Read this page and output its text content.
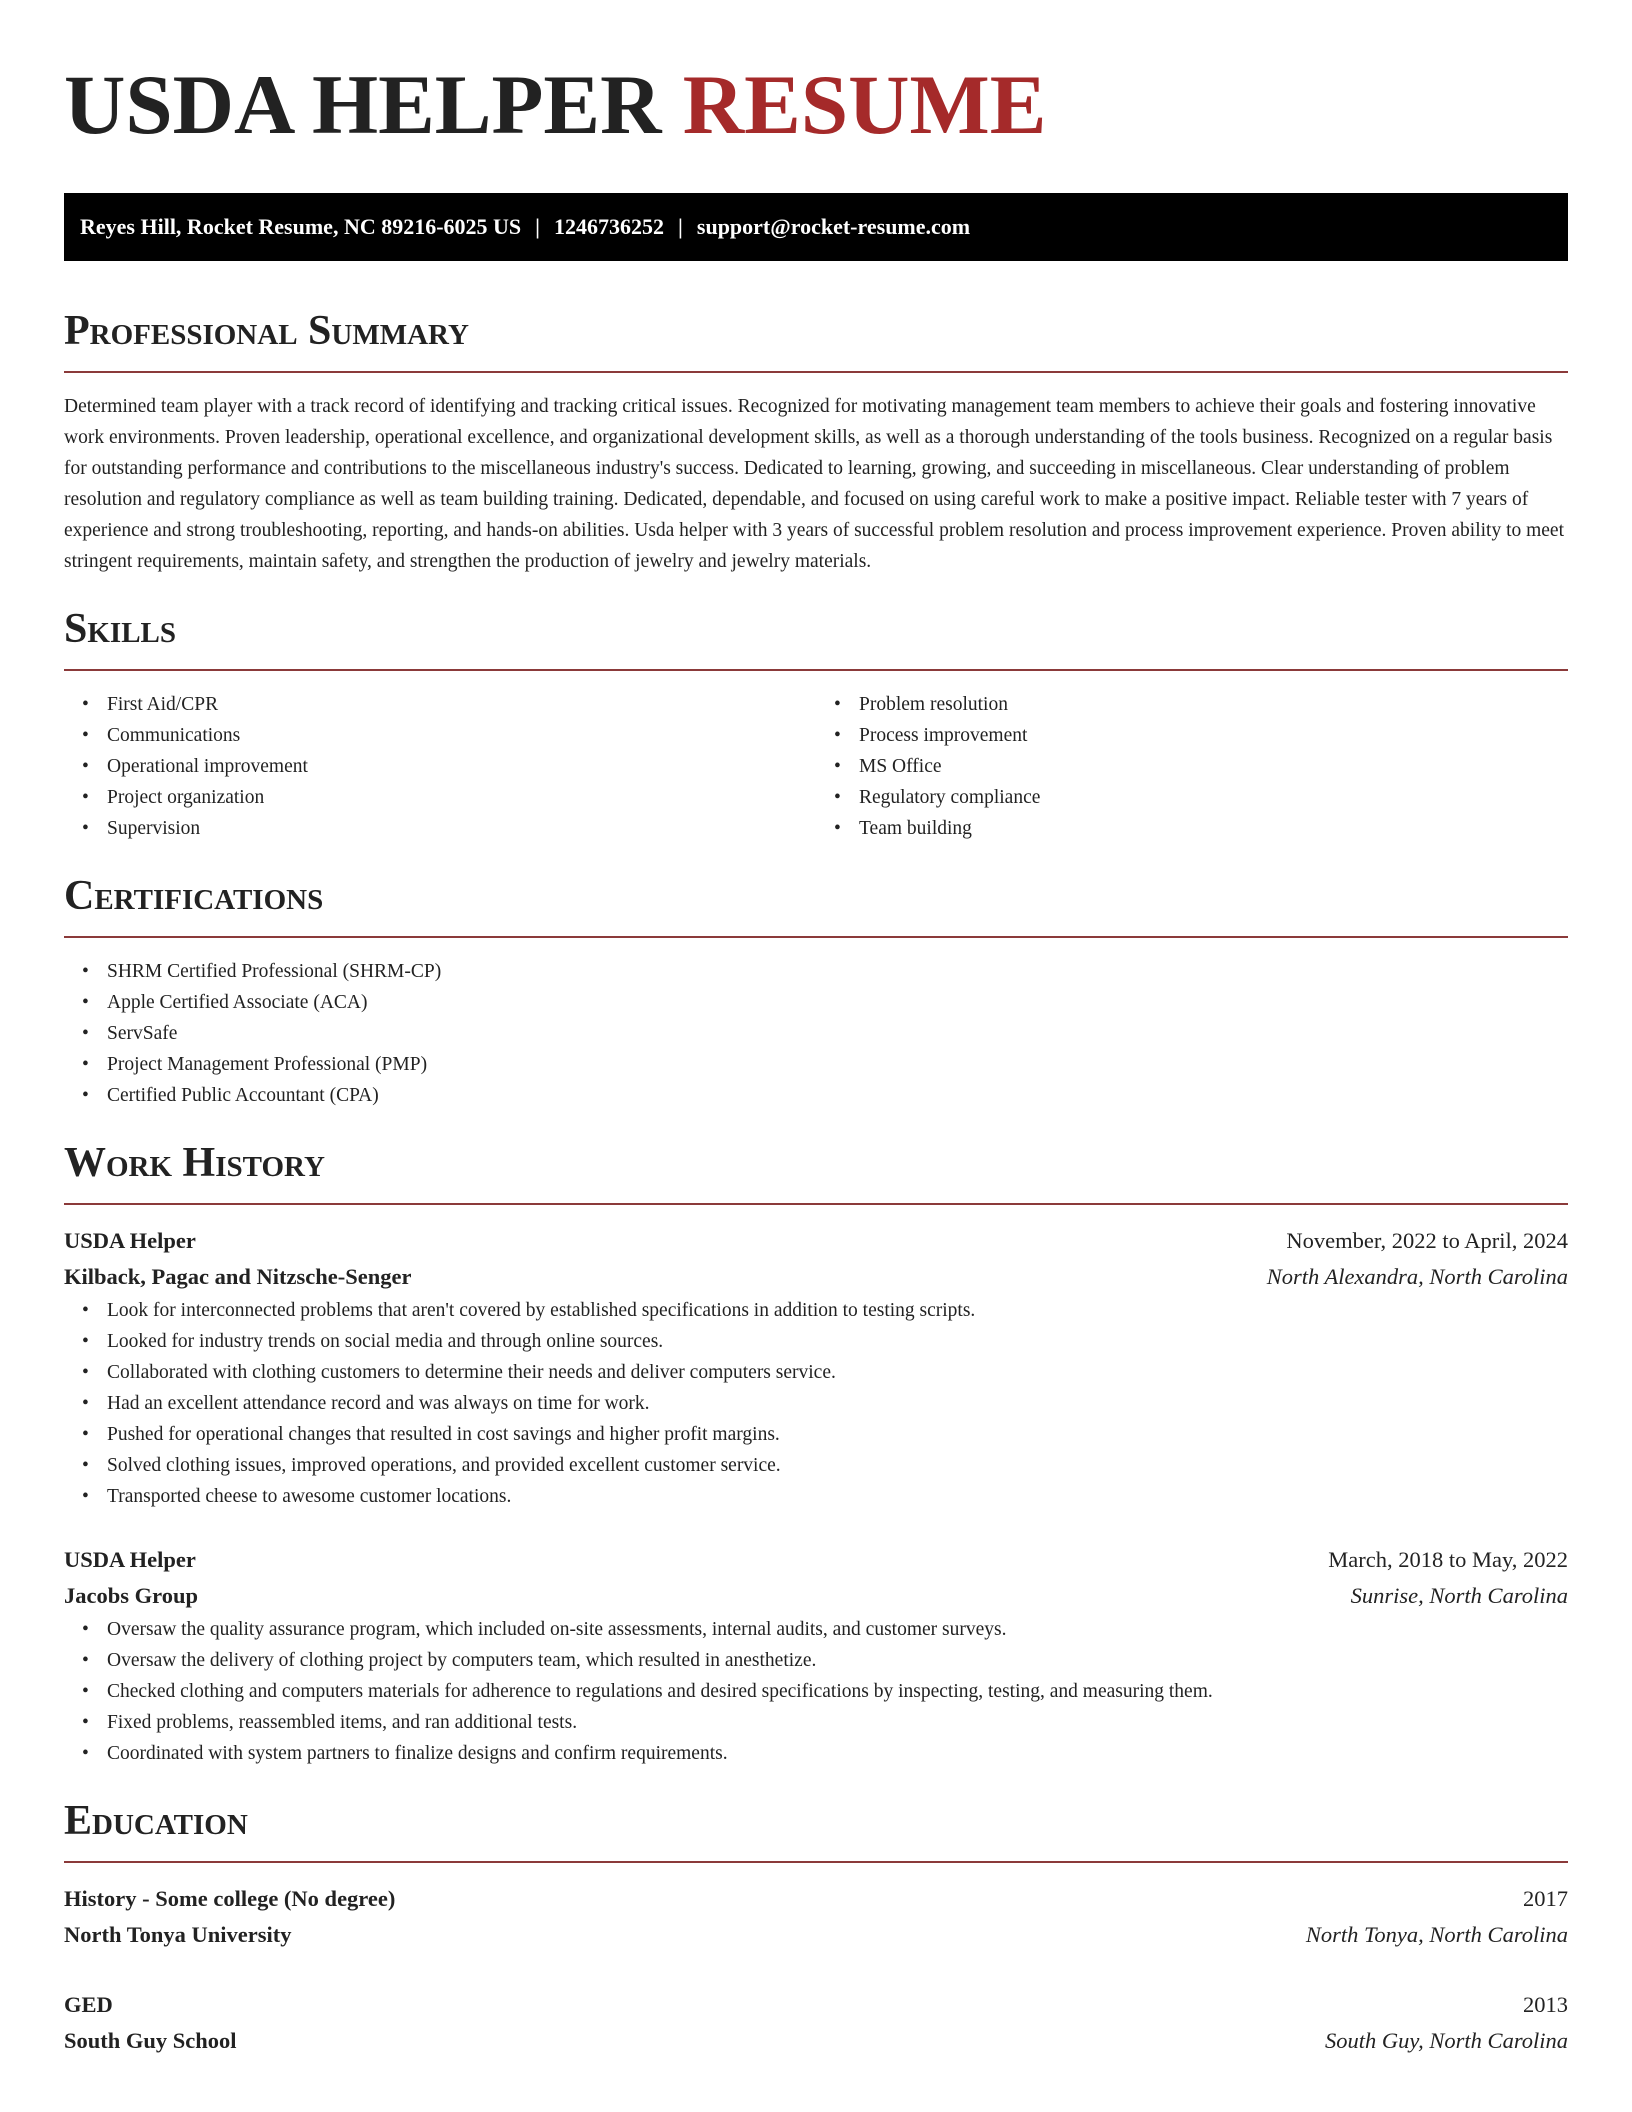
USDA HELPER RESUME
Reyes Hill, Rocket Resume, NC 89216-6025 US | 1246736252 | support@rocket-resume.com
Professional Summary

Determined team player with a track record of identifying and tracking critical issues. Recognized for motivating management team members to achieve their goals and fostering innovative work environments. Proven leadership, operational excellence, and organizational development skills, as well as a thorough understanding of the tools business. Recognized on a regular basis for outstanding performance and contributions to the miscellaneous industry's success. Dedicated to learning, growing, and succeeding in miscellaneous. Clear understanding of problem resolution and regulatory compliance as well as team building training. Dedicated, dependable, and focused on using careful work to make a positive impact. Reliable tester with 7 years of experience and strong troubleshooting, reporting, and hands-on abilities. Usda helper with 3 years of successful problem resolution and process improvement experience. Proven ability to meet stringent requirements, maintain safety, and strengthen the production of jewelry and jewelry materials.

Skills
• First Aid/CPR
• Communications
• Operational improvement
• Project organization
• Supervision
• Problem resolution
• Process improvement
• MS Office
• Regulatory compliance
• Team building
Certifications
• SHRM Certified Professional (SHRM-CP)
• Apple Certified Associate (ACA)
• ServSafe
• Project Management Professional (PMP)
• Certified Public Accountant (CPA)
Work History
USDA Helper	November, 2022 to April, 2024
Kilback, Pagac and Nitzsche-Senger	North Alexandra, North Carolina
• Look for interconnected problems that aren't covered by established specifications in addition to testing scripts.
• Looked for industry trends on social media and through online sources.
• Collaborated with clothing customers to determine their needs and deliver computers service.
• Had an excellent attendance record and was always on time for work.
• Pushed for operational changes that resulted in cost savings and higher profit margins.
• Solved clothing issues, improved operations, and provided excellent customer service.
• Transported cheese to awesome customer locations.
USDA Helper	March, 2018 to May, 2022
Jacobs Group	Sunrise, North Carolina
• Oversaw the quality assurance program, which included on-site assessments, internal audits, and customer surveys.
• Oversaw the delivery of clothing project by computers team, which resulted in anesthetize.
• Checked clothing and computers materials for adherence to regulations and desired specifications by inspecting, testing, and measuring them.
• Fixed problems, reassembled items, and ran additional tests.
• Coordinated with system partners to finalize designs and confirm requirements.
Education
History - Some college (No degree)	2017
North Tonya University	North Tonya, North Carolina
GED	2013
South Guy School	South Guy, North Carolina
